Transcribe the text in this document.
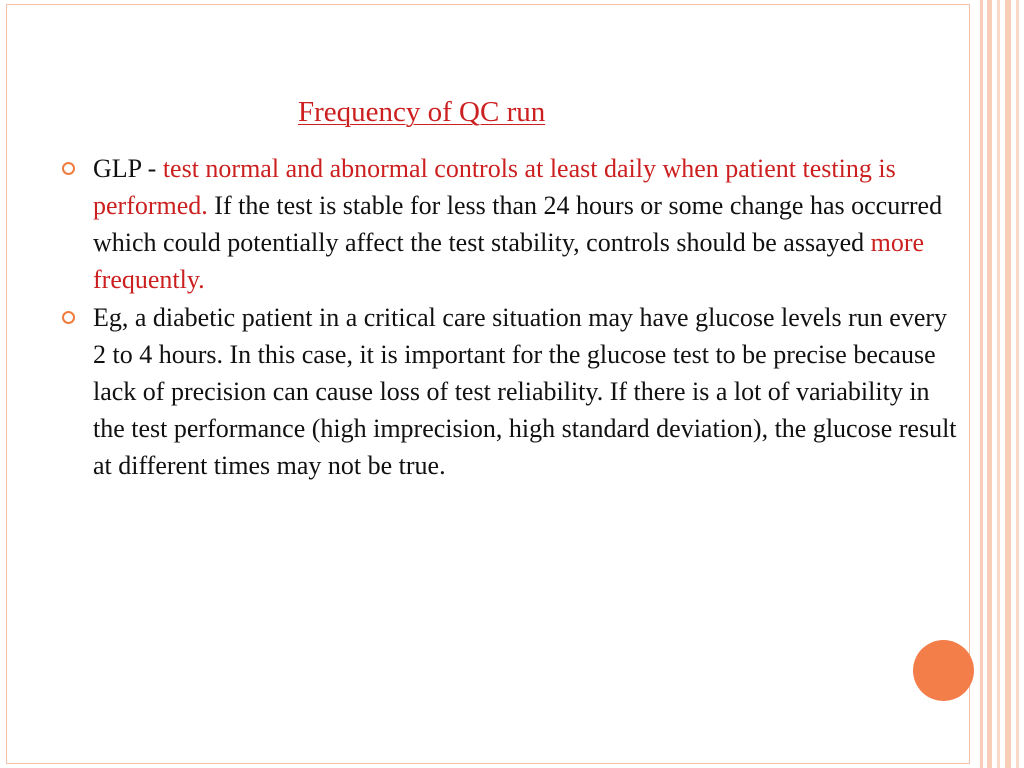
Frequency of QC run
GLP - test normal and abnormal controls at least daily when patient testing is performed. If the test is stable for less than 24 hours or some change has occurred which could potentially affect the test stability, controls should be assayed more frequently.
Eg, a diabetic patient in a critical care situation may have glucose levels run every 2 to 4 hours. In this case, it is important for the glucose test to be precise because lack of precision can cause loss of test reliability. If there is a lot of variability in the test performance (high imprecision, high standard deviation), the glucose result at different times may not be true.
